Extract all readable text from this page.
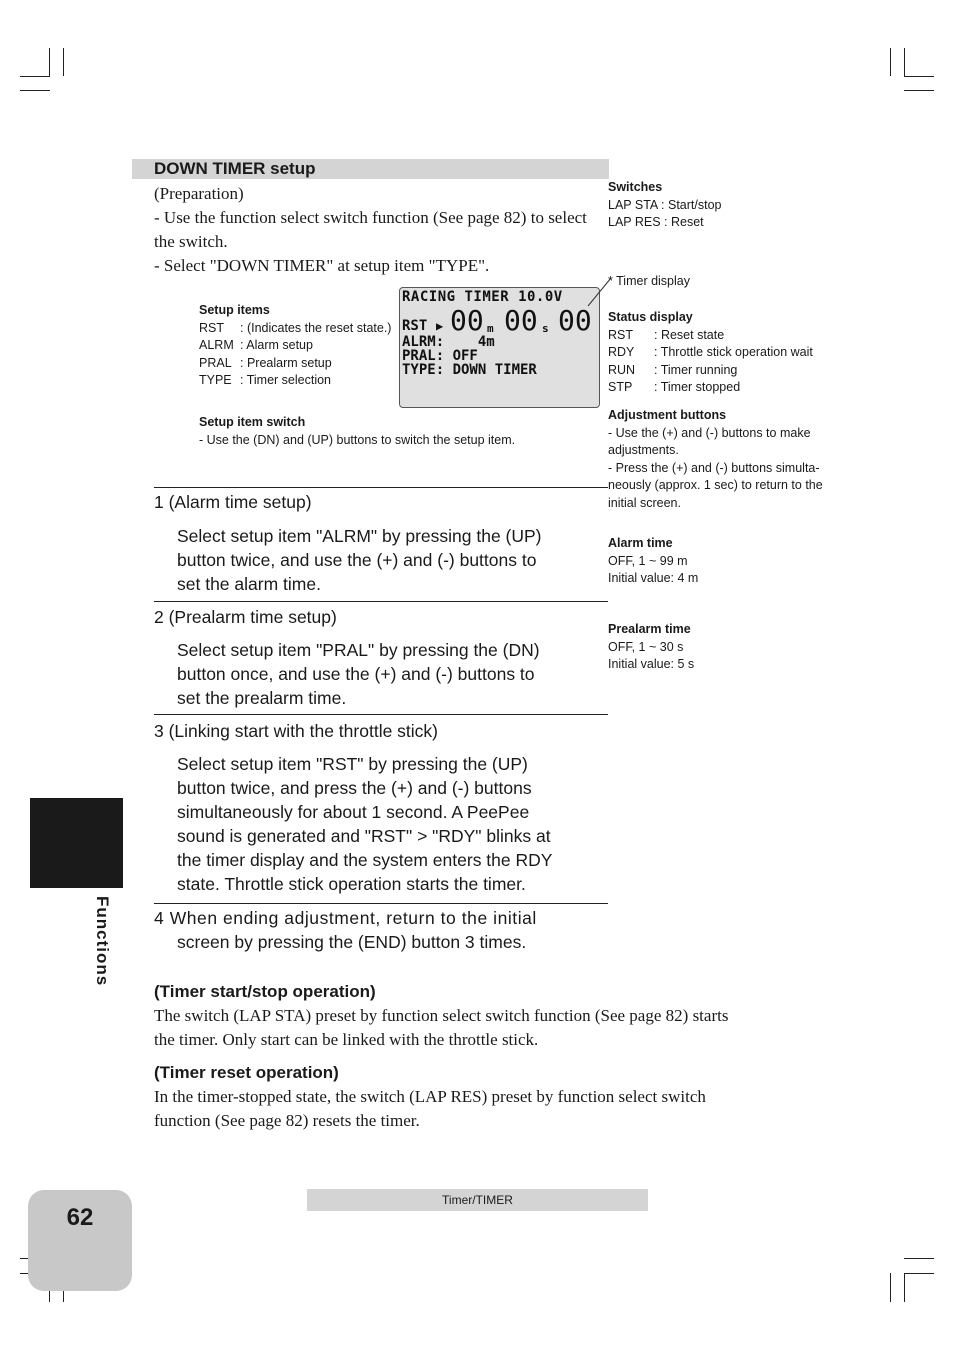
DOWN TIMER setup
(Preparation)
- Use the function select switch function (See page 82) to select the switch.
- Select "DOWN TIMER" at setup item "TYPE".
Setup items
RST	: (Indicates the reset state.)
ALRM : Alarm setup
PRAL : Prealarm setup
TYPE : Timer selection
Setup item switch
- Use the (DN) and (UP) buttons to switch the setup item.
RACING TIMER 10.0V
RST ▶ 00 m 00 s 00
ALRM:    4m
PRAL: OFF
TYPE: DOWN TIMER
Switches
LAP STA : Start/stop
LAP RES : Reset
* Timer display
Status display
RST	: Reset state
RDY	: Throttle stick operation wait
RUN	: Timer running
STP	: Timer stopped
Adjustment buttons
- Use the (+) and (-) buttons to make
adjustments.
- Press the (+) and (-) buttons simulta-
neously (approx. 1 sec) to return to the
initial screen.
Alarm time
OFF, 1 ~ 99 m
Initial value: 4 m
Prealarm time
OFF, 1 ~ 30 s
Initial value: 5 s
1 (Alarm time setup)
Select setup item "ALRM" by pressing the (UP)
button twice, and use the (+) and (-) buttons to
set the alarm time.
2 (Prealarm time setup)
Select setup item "PRAL" by pressing the (DN)
button once, and use the (+) and (-) buttons to
set the prealarm time.
3 (Linking start with the throttle stick)
Select setup item "RST" by pressing the (UP)
button twice, and press the (+) and (-) buttons
simultaneously for about 1 second. A PeePee
sound is generated and "RST" > "RDY" blinks at
the timer display and the system enters the RDY
state. Throttle stick operation starts the timer.
4 When ending adjustment, return to the initial
screen by pressing the (END) button 3 times.
(Timer start/stop operation)
The switch (LAP STA) preset by function select switch function (See page 82) starts
the timer. Only start can be linked with the throttle stick.
(Timer reset operation)
In the timer-stopped state, the switch (LAP RES) preset by function select switch
function (See page 82) resets the timer.
Functions
62
Timer/TIMER
